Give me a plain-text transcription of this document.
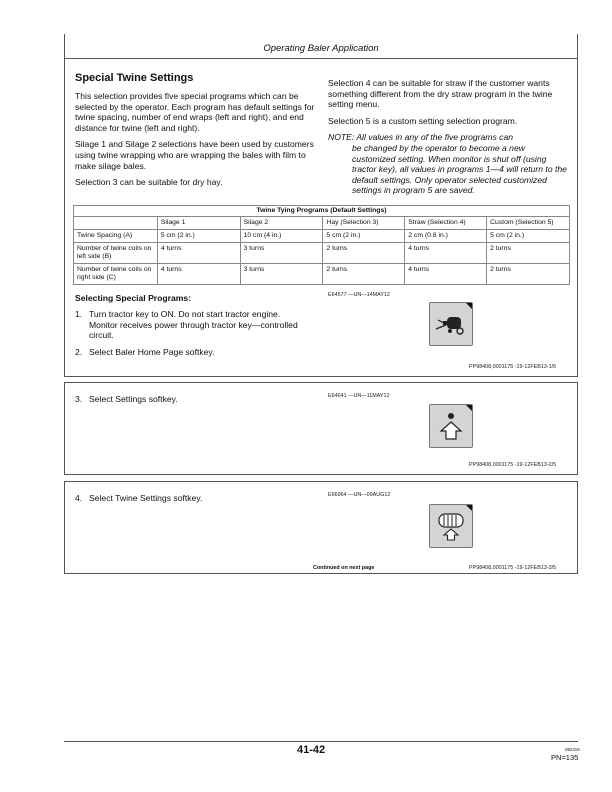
Operating Baler Application
Special Twine Settings
This selection provides five special programs which can be selected by the operator. Each program has default settings for twine spacing, number of end wraps (left and right), and end distance for twine (left and right).
Silage 1 and Silage 2 selections have been used by customers using twine wrapping who are wrapping the bales with film to make silage bales.
Selection 3 can be suitable for dry hay.
Selection 4 can be suitable for straw if the customer wants something different from the dry straw program in the twine setting menu.
Selection 5 is a custom setting selection program.
NOTE: All values in any of the five programs can
be changed by the operator to become a new customized setting. When monitor is shut off (using tractor key), all values in programs 1—4 will return to the default settings. Only operator selected customized settings in program 5 are saved.
Twine Tying Programs (Default Settings)					
	Silage 1	Silage 2	Hay (Selection 3)	Straw (Selection 4)	Custom (Selection 5)
Twine Spacing (A)	5 cm (2 in.)	10 cm (4 in.)	5 cm (2 in.)	2 cm (0.8 in.)	5 cm (2 in.)
Number of twine coils on left side (B)	4 turns	3 turns	2 turns	4 turns	2 turns
Number of twine coils on right side (C)	4 turns	3 turns	2 turns	4 turns	2 turns
Selecting Special Programs:
1. Turn tractor key to ON. Do not start tractor engine.
Monitor receives power through tractor key—controlled circuit.
2. Select Baler Home Page softkey.
E64577 —UN—14MAY12
PP98408,0001175 -19-12FEB13-1/5
3. Select Settings softkey.	E64641 —UN—11MAY12
PP98408,0001175 -19-12FEB13-2/5
4. Select Twine Settings softkey.	E66964 —UN—09AUG12
Continued on next page	PP98408,0001175 -19-12FEB13-3/5
41-42	082315
PN=135
